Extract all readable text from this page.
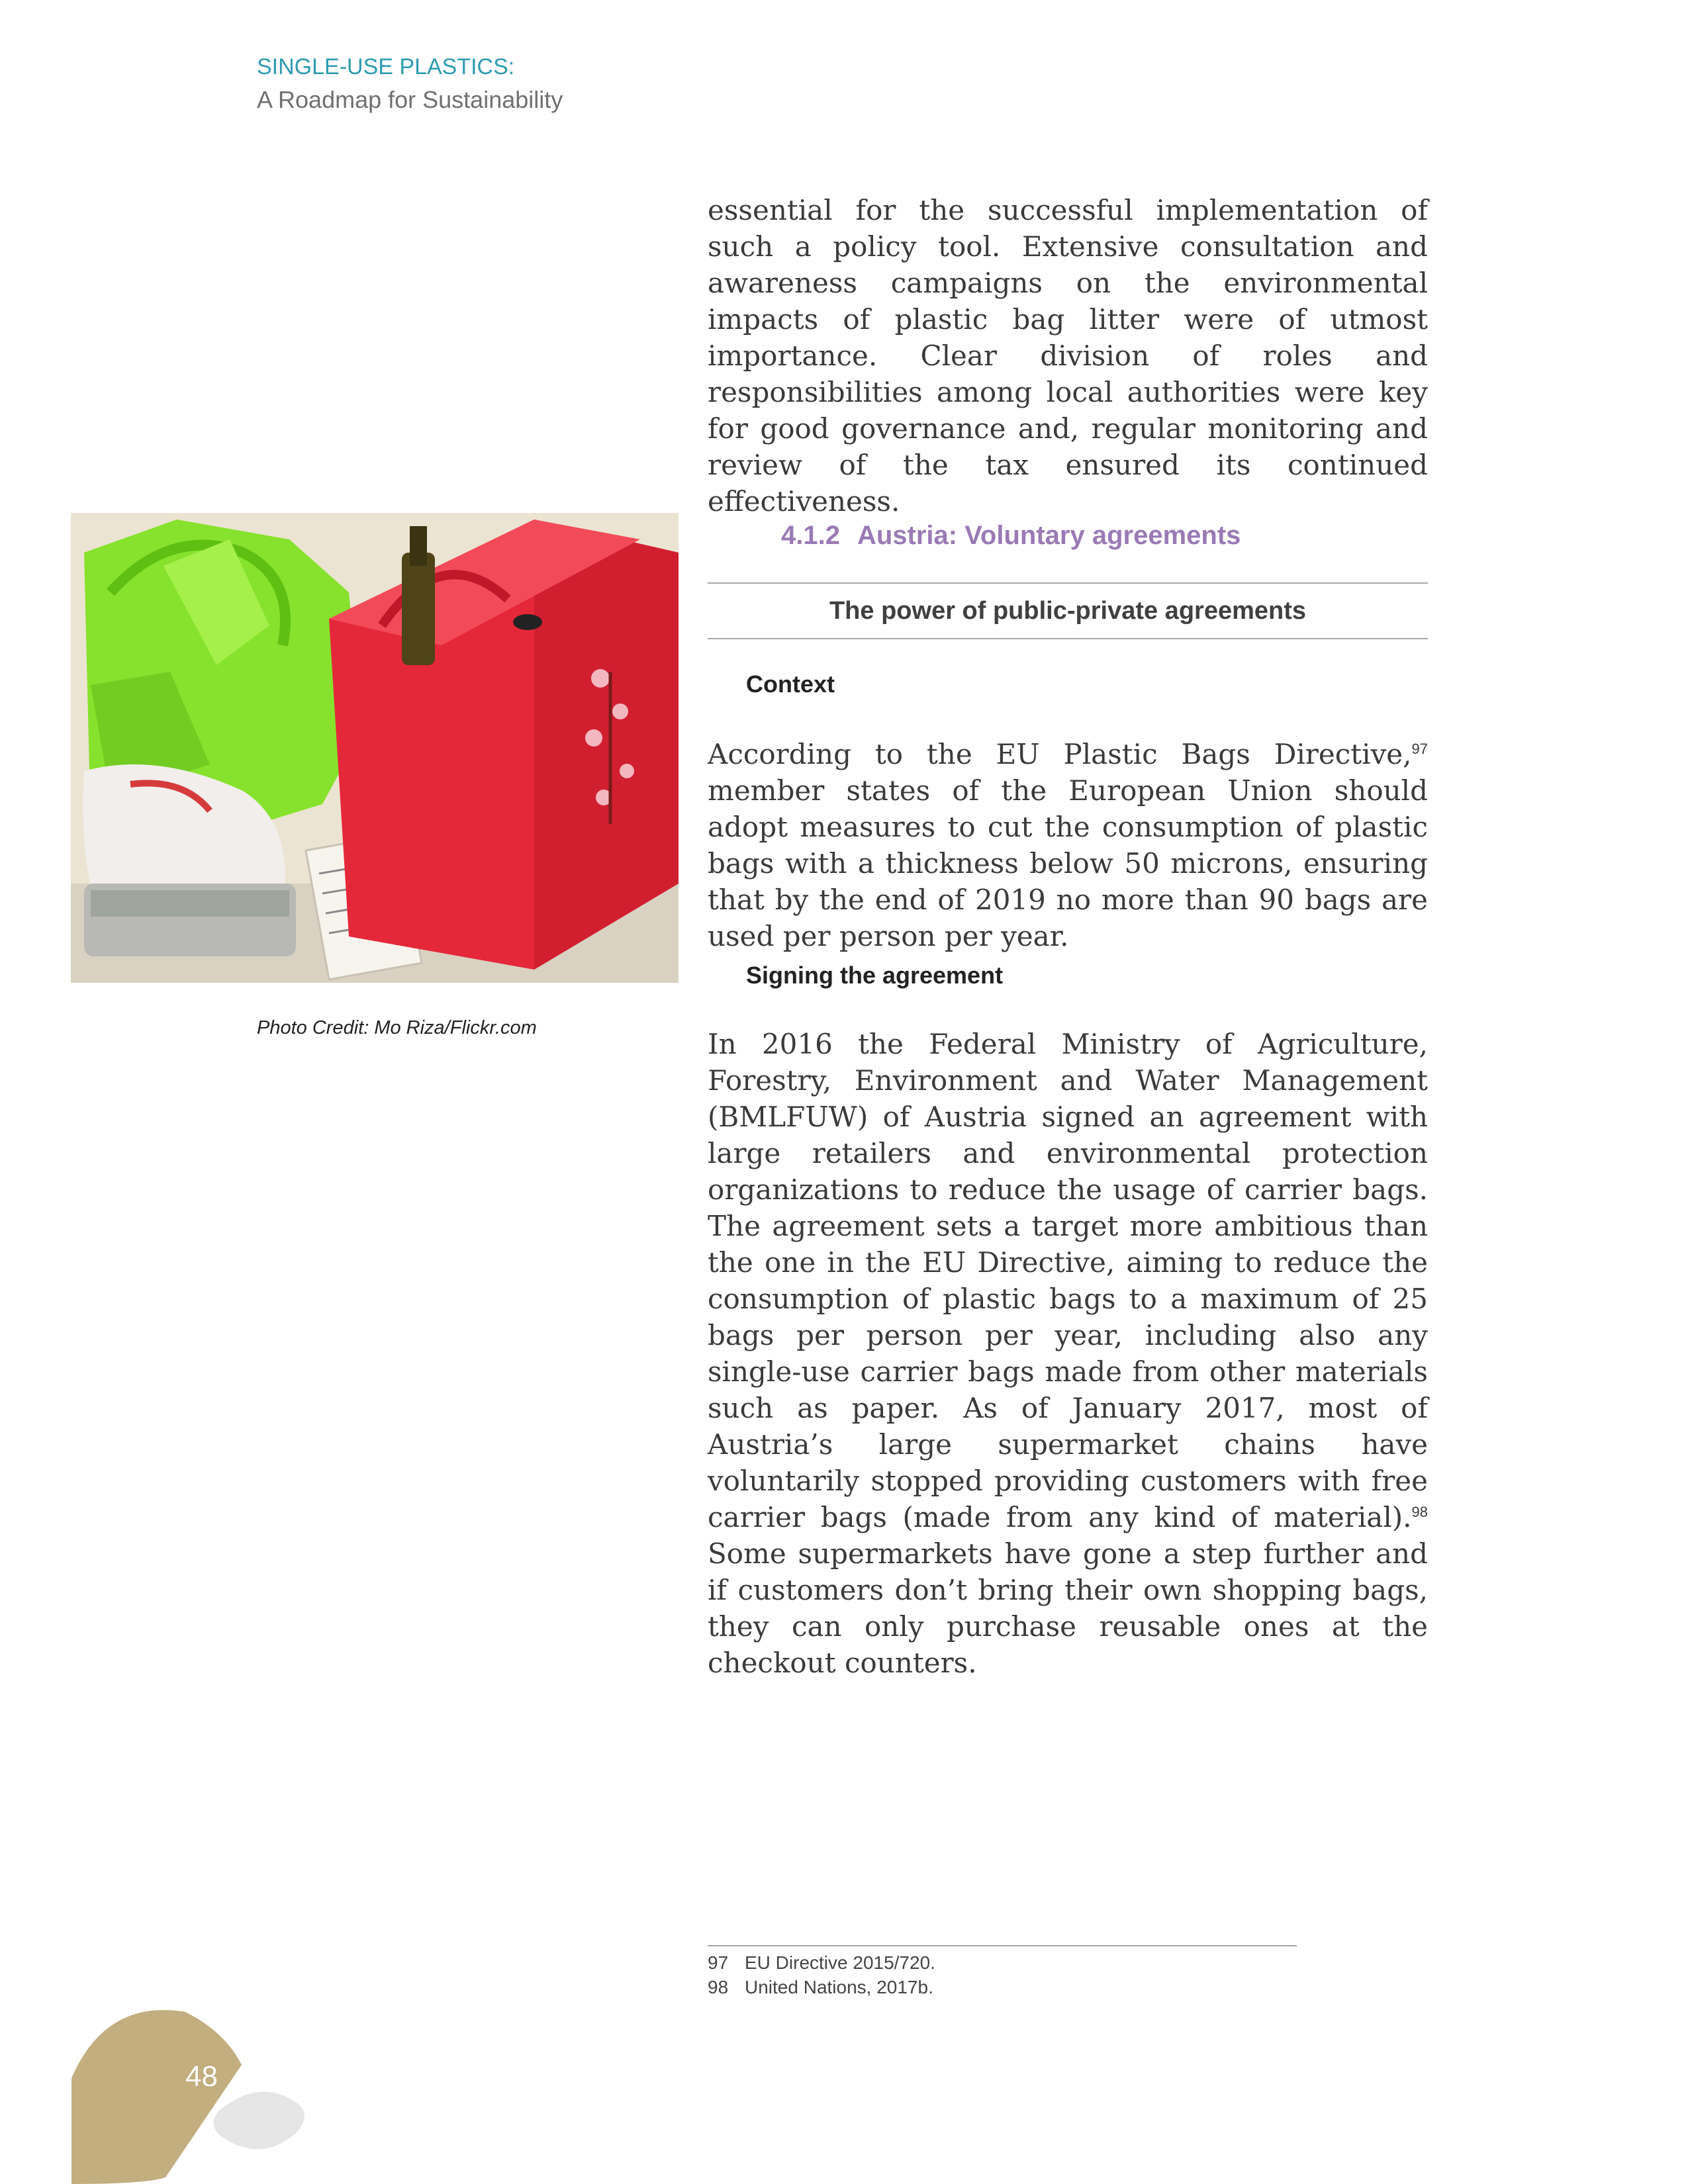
SINGLE-USE PLASTICS:
A Roadmap for Sustainability

essential for the successful implementation of such a policy tool. Extensive consultation and awareness campaigns on the environmental impacts of plastic bag litter were of utmost importance. Clear division of roles and responsibilities among local authorities were key for good governance and, regular monitoring and review of the tax ensured its continued effectiveness.

Photo Credit: Mo Riza/Flickr.com
4.1.2 Austria: Voluntary agreements
The power of public-private agreements
Context

According to the EU Plastic Bags Directive,$^{97}$ member states of the European Union should adopt measures to cut the consumption of plastic bags with a thickness below 50 microns, ensuring that by the end of 2019 no more than 90 bags are used per person per year.

Signing the agreement

In 2016 the Federal Ministry of Agriculture, Forestry, Environment and Water Management (BMLFUW) of Austria signed an agreement with large retailers and environmental protection organizations to reduce the usage of carrier bags. The agreement sets a target more ambitious than the one in the EU Directive, aiming to reduce the consumption of plastic bags to a maximum of 25 bags per person per year, including also any single-use carrier bags made from other materials such as paper. As of January 2017, most of Austria’s large supermarket chains have voluntarily stopped providing customers with free carrier bags (made from any kind of material).$^{98}$ Some supermarkets have gone a step further and if customers don’t bring their own shopping bags, they can only purchase reusable ones at the checkout counters.

97 EU Directive 2015/720.
98 United Nations, 2017b.
48
